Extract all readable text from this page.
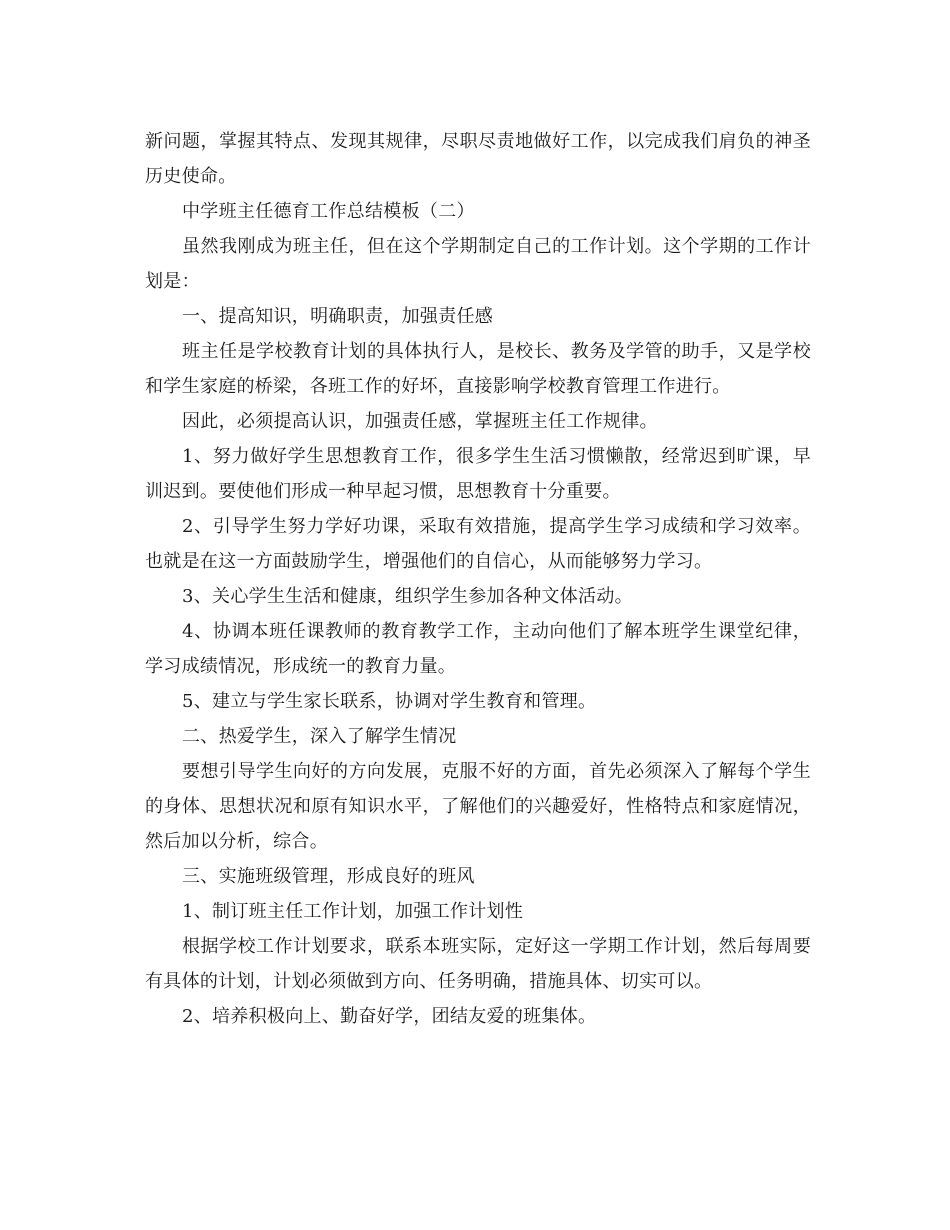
新问题，掌握其特点、发现其规律，尽职尽责地做好工作，以完成我们肩负的神圣历史使命。

中学班主任德育工作总结模板（二）

虽然我刚成为班主任，但在这个学期制定自己的工作计划。这个学期的工作计划是：

一、提高知识，明确职责，加强责任感

班主任是学校教育计划的具体执行人，是校长、教务及学管的助手，又是学校和学生家庭的桥梁，各班工作的好坏，直接影响学校教育管理工作进行。

因此，必须提高认识，加强责任感，掌握班主任工作规律。

1、努力做好学生思想教育工作，很多学生生活习惯懒散，经常迟到旷课，早训迟到。要使他们形成一种早起习惯，思想教育十分重要。

2、引导学生努力学好功课，采取有效措施，提高学生学习成绩和学习效率。也就是在这一方面鼓励学生，增强他们的自信心，从而能够努力学习。

3、关心学生生活和健康，组织学生参加各种文体活动。

4、协调本班任课教师的教育教学工作，主动向他们了解本班学生课堂纪律，学习成绩情况，形成统一的教育力量。

5、建立与学生家长联系，协调对学生教育和管理。

二、热爱学生，深入了解学生情况

要想引导学生向好的方向发展，克服不好的方面，首先必须深入了解每个学生的身体、思想状况和原有知识水平，了解他们的兴趣爱好，性格特点和家庭情况，然后加以分析，综合。

三、实施班级管理，形成良好的班风

1、制订班主任工作计划，加强工作计划性

根据学校工作计划要求，联系本班实际，定好这一学期工作计划，然后每周要有具体的计划，计划必须做到方向、任务明确，措施具体、切实可以。

2、培养积极向上、勤奋好学，团结友爱的班集体。
